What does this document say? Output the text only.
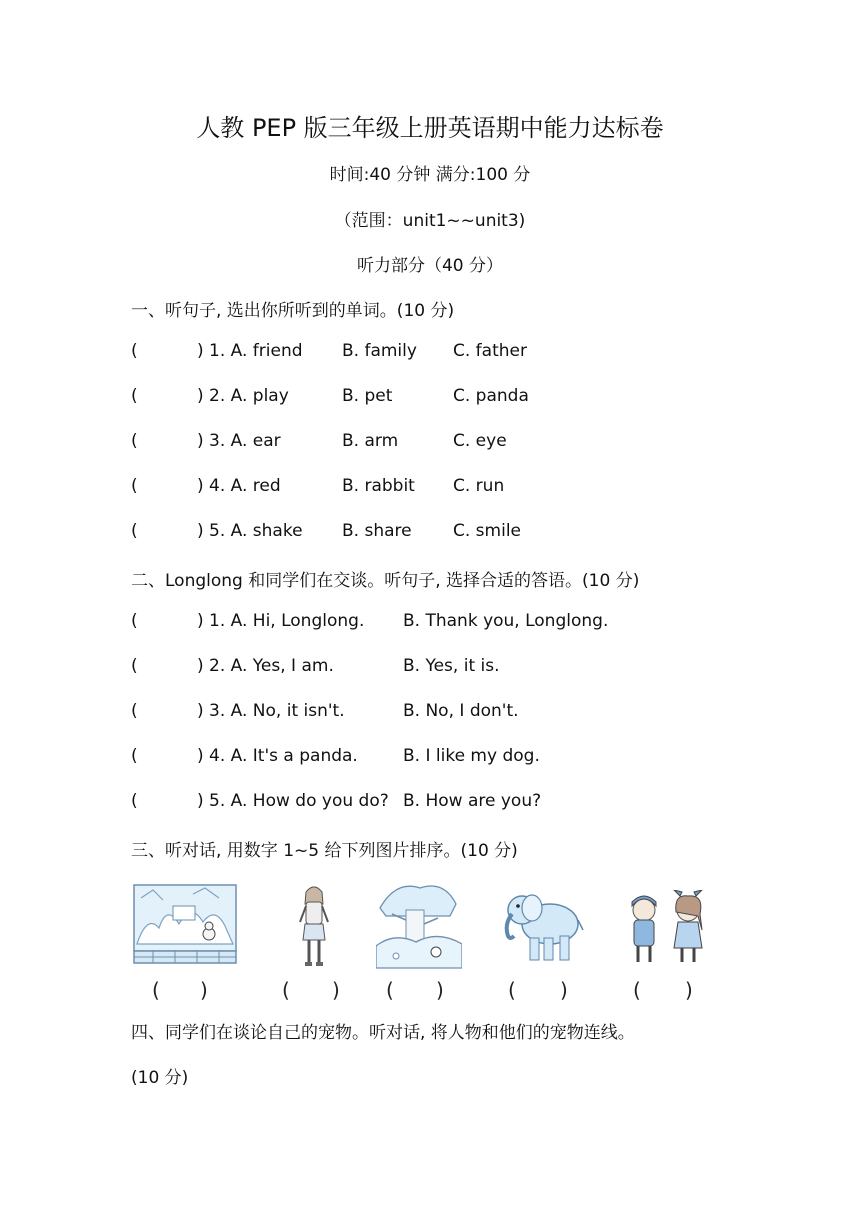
人教 PEP 版三年级上册英语期中能力达标卷
时间:40 分钟 满分:100 分
（范围：unit1~~unit3)
听力部分（40 分）
一、听句子, 选出你所听到的单词。(10 分)
(	) 1. A. friend B. family C. father
(	) 2. A. play	B. pet	C. panda
(	) 3. A. ear	B. arm	C. eye
(	) 4. A. red	B. rabbit C. run
(	) 5. A. shake B. share C. smile
二、Longlong 和同学们在交谈。听句子, 选择合适的答语。(10 分)
(	) 1. A. Hi, Longlong. B. Thank you, Longlong.
(	) 2. A. Yes, I am.	B. Yes, it is.
(	) 3. A. No, it isn't.	B. No, I don't.
(	) 4. A. It's a panda.	B. I like my dog.
(	) 5. A. How do you do? B. How are you?
三、听对话, 用数字 1~5 给下列图片排序。(10 分)
( )	( ) ( )	( )	( )
四、同学们在谈论自己的宠物。听对话, 将人物和他们的宠物连线。
(10 分)
